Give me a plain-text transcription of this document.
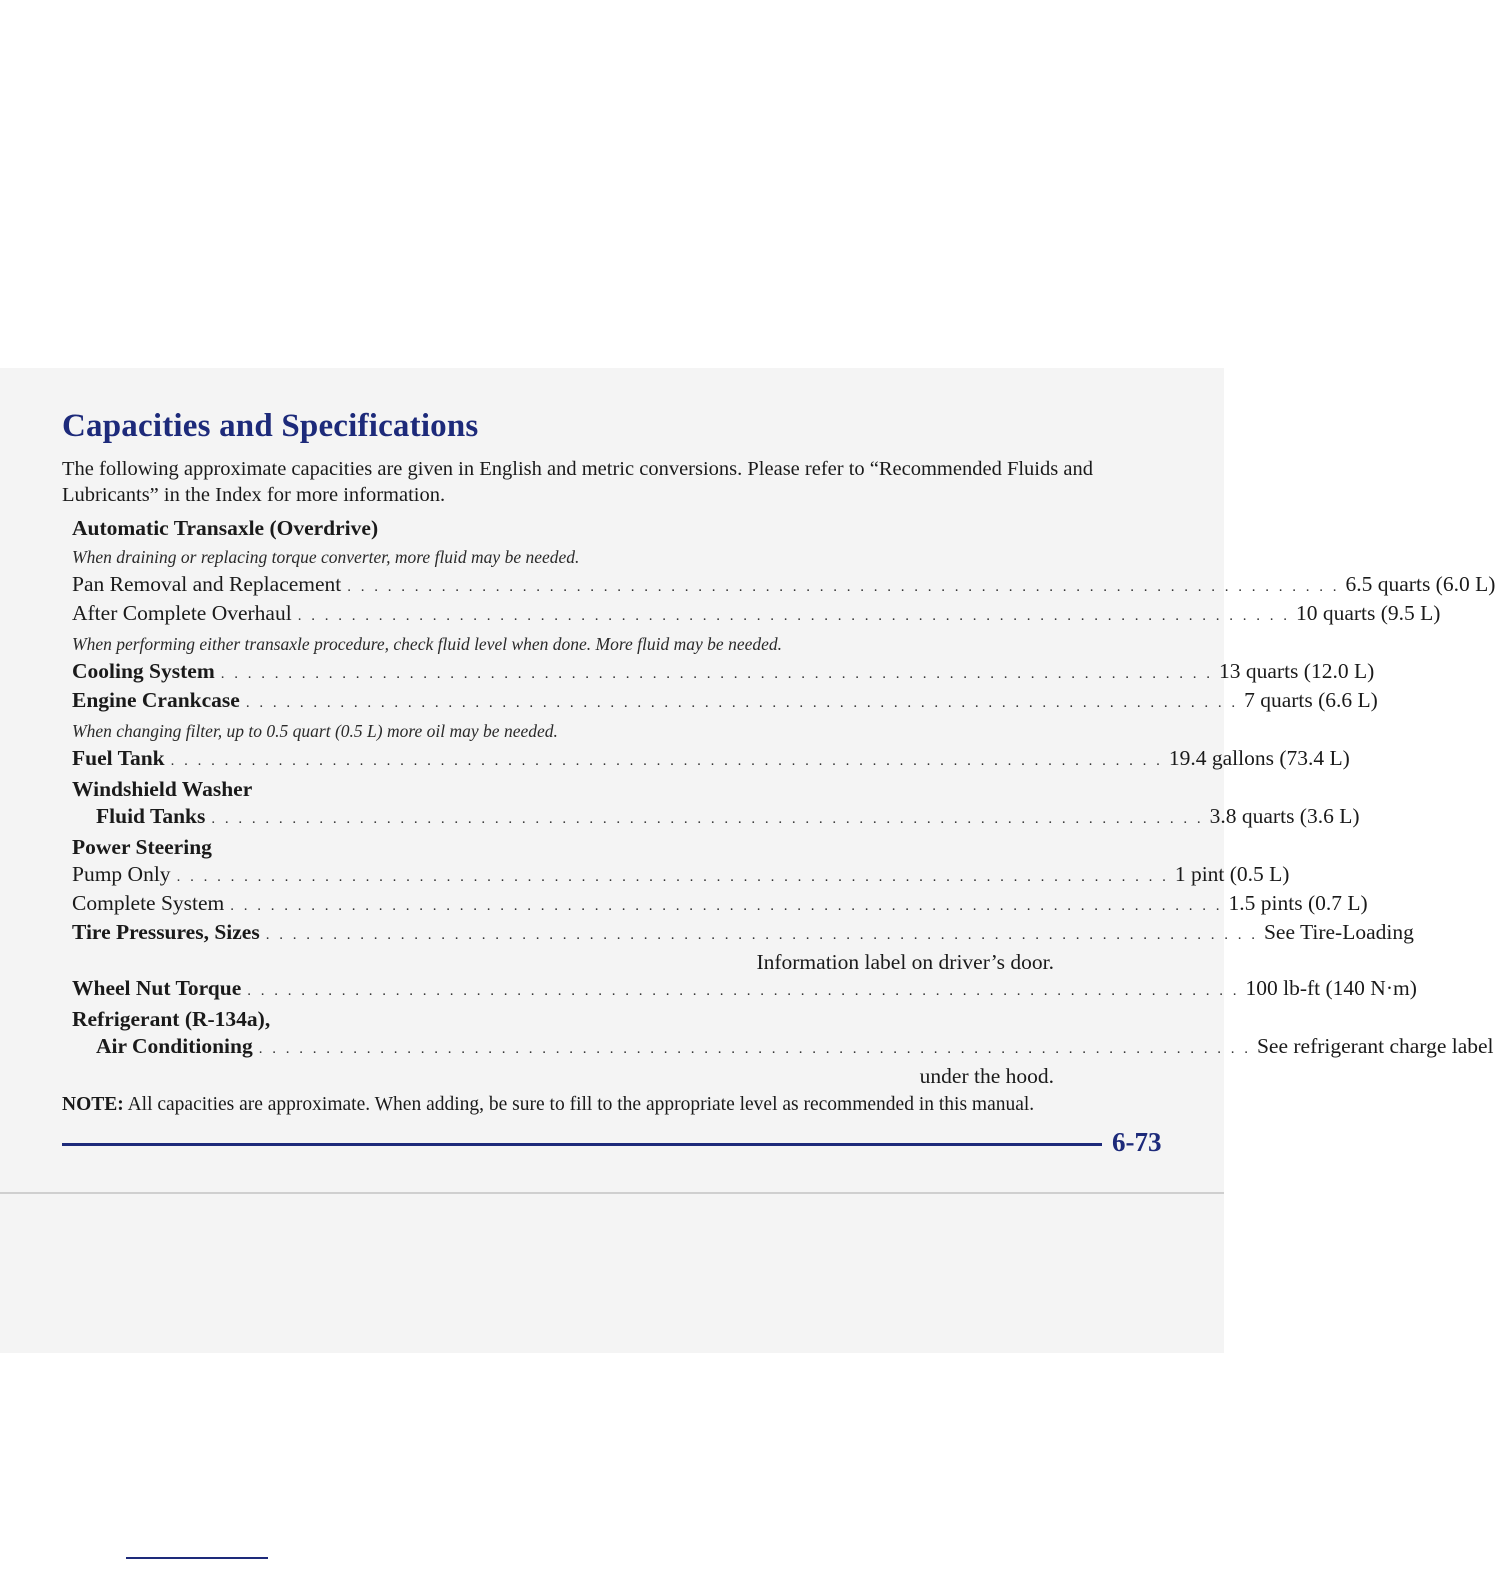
Capacities and Specifications
The following approximate capacities are given in English and metric conversions. Please refer to “Recommended Fluids and Lubricants” in the Index for more information.
Automatic Transaxle (Overdrive)
When draining or replacing torque converter, more fluid may be needed.
Pan Removal and Replacement . . . . . . . . . . . . . . . . . . . . . . . . . . . . . . . . . . . . . . . . . . . . . . . . . . . . . . . . . . . . . . . . . . . . . . . . . . 6.5 quarts (6.0 L)
After Complete Overhaul . . . . . . . . . . . . . . . . . . . . . . . . . . . . . . . . . . . . . . . . . . . . . . . . . . . . . . . . . . . . . . . . . . . . . . . . . . 10 quarts (9.5 L)
When performing either transaxle procedure, check fluid level when done. More fluid may be needed.
Cooling System . . . . . . . . . . . . . . . . . . . . . . . . . . . . . . . . . . . . . . . . . . . . . . . . . . . . . . . . . . . . . . . . . . . . . . . . . . 13 quarts (12.0 L)
Engine Crankcase . . . . . . . . . . . . . . . . . . . . . . . . . . . . . . . . . . . . . . . . . . . . . . . . . . . . . . . . . . . . . . . . . . . . . . . . . . 7 quarts (6.6 L)
When changing filter, up to 0.5 quart (0.5 L) more oil may be needed.
Fuel Tank . . . . . . . . . . . . . . . . . . . . . . . . . . . . . . . . . . . . . . . . . . . . . . . . . . . . . . . . . . . . . . . . . . . . . . . . . . 19.4 gallons (73.4 L)
Windshield Washer
Fluid Tanks . . . . . . . . . . . . . . . . . . . . . . . . . . . . . . . . . . . . . . . . . . . . . . . . . . . . . . . . . . . . . . . . . . . . . . . . . . 3.8 quarts (3.6 L)
Power Steering
Pump Only . . . . . . . . . . . . . . . . . . . . . . . . . . . . . . . . . . . . . . . . . . . . . . . . . . . . . . . . . . . . . . . . . . . . . . . . . . 1 pint (0.5 L)
Complete System . . . . . . . . . . . . . . . . . . . . . . . . . . . . . . . . . . . . . . . . . . . . . . . . . . . . . . . . . . . . . . . . . . . . . . . . . . 1.5 pints (0.7 L)
Tire Pressures, Sizes . . . . . . . . . . . . . . . . . . . . . . . . . . . . . . . . . . . . . . . . . . . . . . . . . . . . . . . . . . . . . . . . . . . . . . . . . . See Tire-Loading
Information label on driver’s door.
Wheel Nut Torque . . . . . . . . . . . . . . . . . . . . . . . . . . . . . . . . . . . . . . . . . . . . . . . . . . . . . . . . . . . . . . . . . . . . . . . . . . 100 lb-ft (140 N·m)
Refrigerant (R-134a),
Air Conditioning . . . . . . . . . . . . . . . . . . . . . . . . . . . . . . . . . . . . . . . . . . . . . . . . . . . . . . . . . . . . . . . . . . . . . . . . . . See refrigerant charge label
under the hood.
NOTE: All capacities are approximate. When adding, be sure to fill to the appropriate level as recommended in this manual.
6-73
